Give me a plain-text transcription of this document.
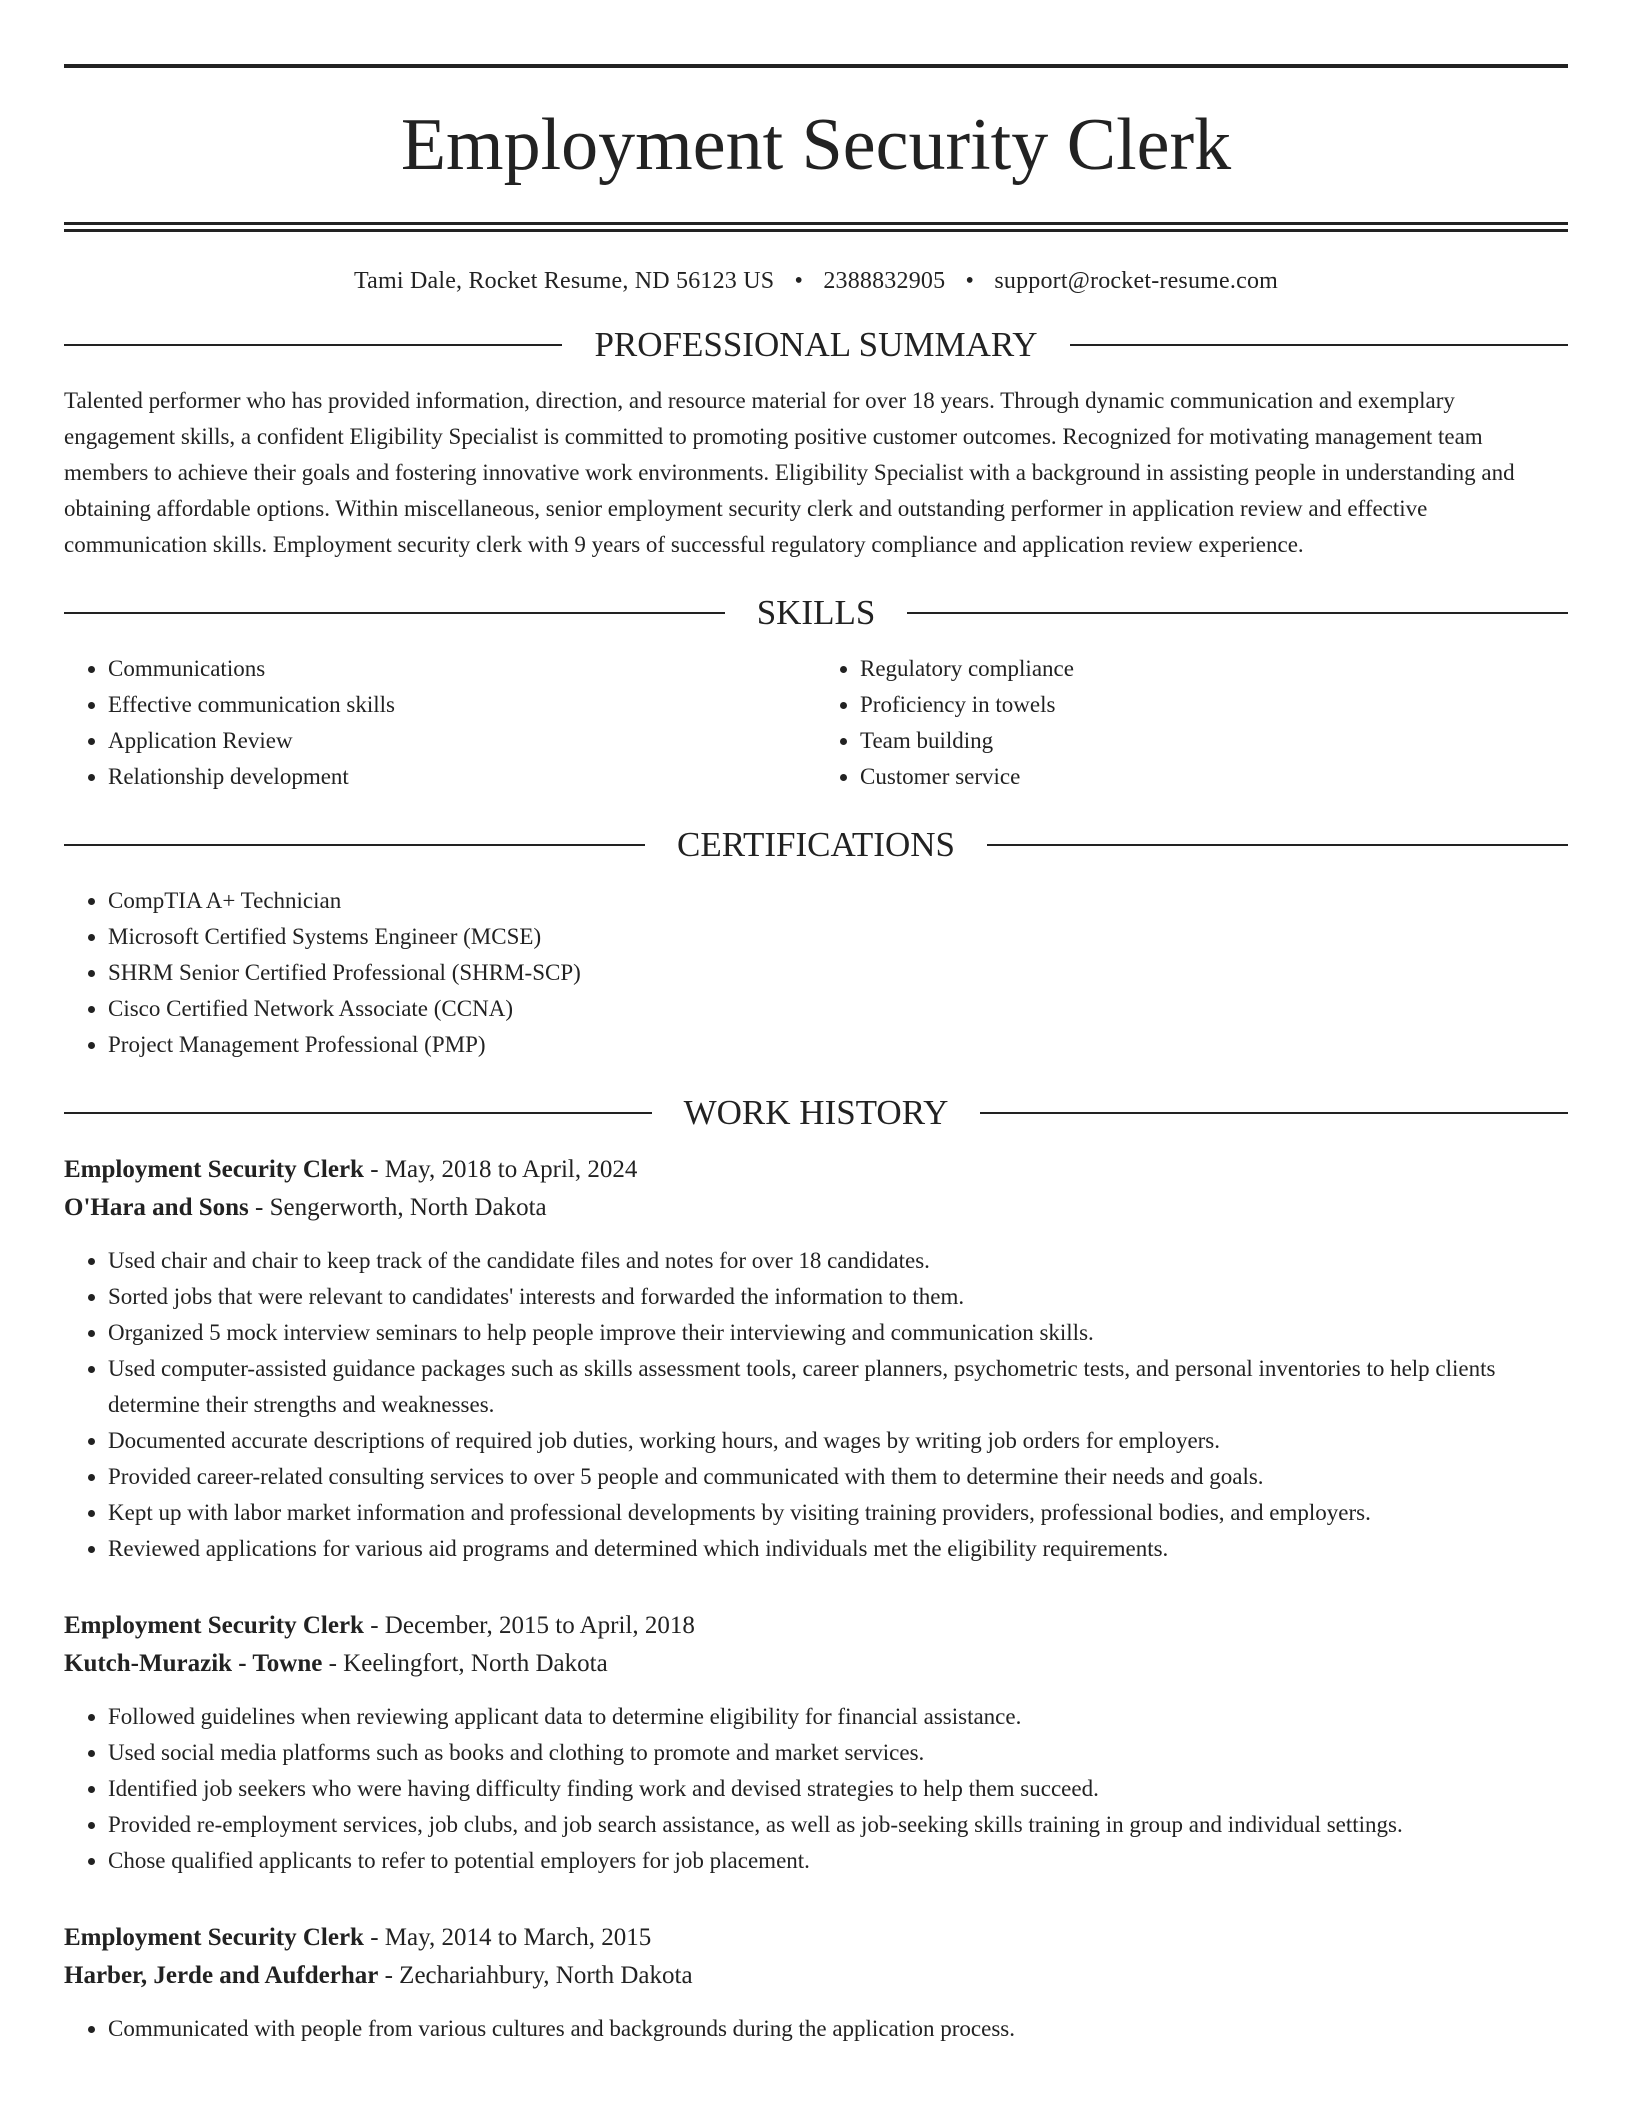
Employment Security Clerk
Tami Dale, Rocket Resume, ND 56123 US • 2388832905 • support@rocket-resume.com
PROFESSIONAL SUMMARY

Talented performer who has provided information, direction, and resource material for over 18 years. Through dynamic communication and exemplary engagement skills, a confident Eligibility Specialist is committed to promoting positive customer outcomes. Recognized for motivating management team members to achieve their goals and fostering innovative work environments. Eligibility Specialist with a background in assisting people in understanding and obtaining affordable options. Within miscellaneous, senior employment security clerk and outstanding performer in application review and effective communication skills. Employment security clerk with 9 years of successful regulatory compliance and application review experience.

SKILLS
• Communications
• Effective communication skills
• Application Review
• Relationship development
• Regulatory compliance
• Proficiency in towels
• Team building
• Customer service
CERTIFICATIONS
• CompTIA A+ Technician
• Microsoft Certified Systems Engineer (MCSE)
• SHRM Senior Certified Professional (SHRM-SCP)
• Cisco Certified Network Associate (CCNA)
• Project Management Professional (PMP)
WORK HISTORY
Employment Security Clerk - May, 2018 to April, 2024
O'Hara and Sons - Sengerworth, North Dakota
• Used chair and chair to keep track of the candidate files and notes for over 18 candidates.
• Sorted jobs that were relevant to candidates' interests and forwarded the information to them.
• Organized 5 mock interview seminars to help people improve their interviewing and communication skills.
• Used computer-assisted guidance packages such as skills assessment tools, career planners, psychometric tests, and personal inventories to help clients determine their strengths and weaknesses.
• Documented accurate descriptions of required job duties, working hours, and wages by writing job orders for employers.
• Provided career-related consulting services to over 5 people and communicated with them to determine their needs and goals.
• Kept up with labor market information and professional developments by visiting training providers, professional bodies, and employers.
• Reviewed applications for various aid programs and determined which individuals met the eligibility requirements.
Employment Security Clerk - December, 2015 to April, 2018
Kutch-Murazik - Towne - Keelingfort, North Dakota
• Followed guidelines when reviewing applicant data to determine eligibility for financial assistance.
• Used social media platforms such as books and clothing to promote and market services.
• Identified job seekers who were having difficulty finding work and devised strategies to help them succeed.
• Provided re-employment services, job clubs, and job search assistance, as well as job-seeking skills training in group and individual settings.
• Chose qualified applicants to refer to potential employers for job placement.
Employment Security Clerk - May, 2014 to March, 2015
Harber, Jerde and Aufderhar - Zechariahbury, North Dakota
• Communicated with people from various cultures and backgrounds during the application process.
